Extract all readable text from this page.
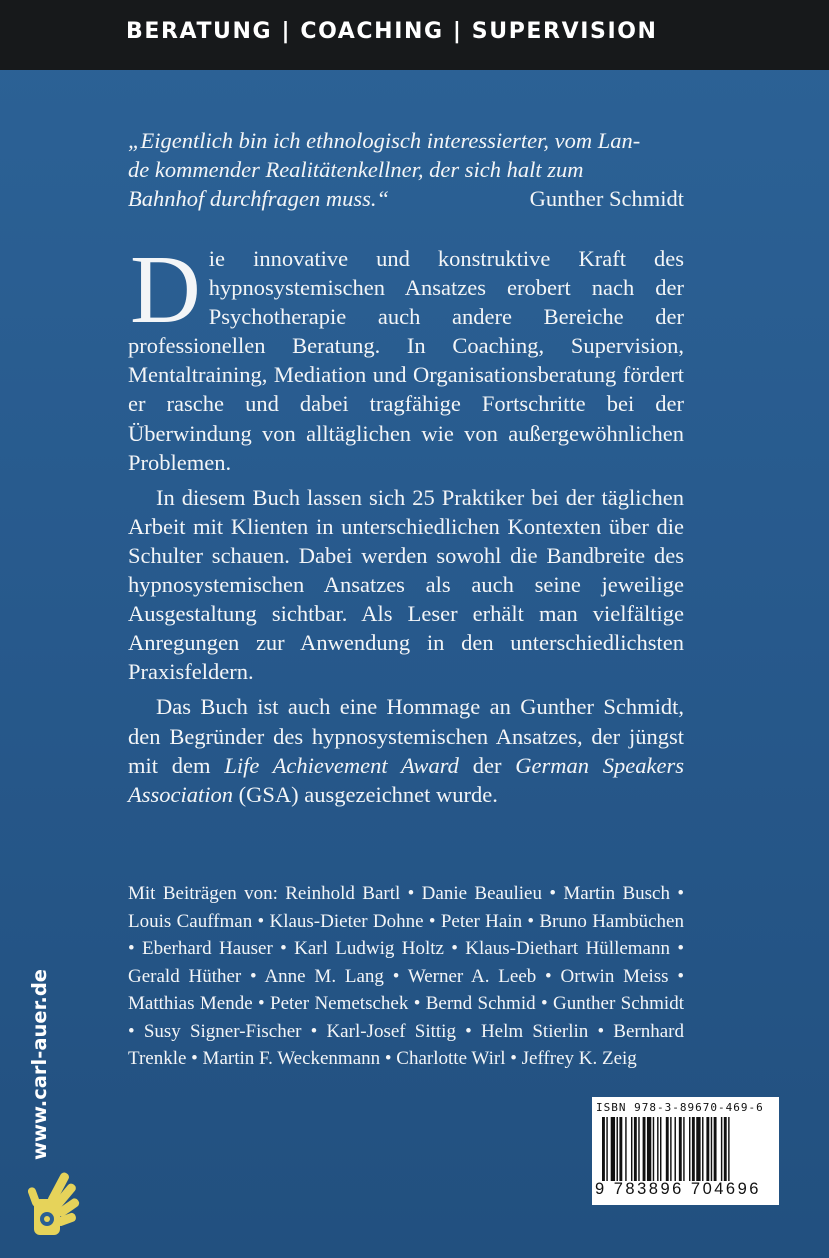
BERATUNG | COACHING | SUPERVISION
„Eigentlich bin ich ethnologisch interessierter, vom Lan-
de kommender Realitätenkellner, der sich halt zum
Bahnhof durchfragen muss.“	Gunther Schmidt

Die innovative und konstruktive Kraft des hypnosystemischen Ansatzes erobert nach der Psychotherapie auch andere Bereiche der professionellen Beratung. In Coaching, Supervision, Mentaltraining, Mediation und Organisationsberatung fördert er rasche und dabei tragfähige Fortschritte bei der Überwindung von alltäglichen wie von außergewöhnlichen Problemen.

In diesem Buch lassen sich 25 Praktiker bei der täglichen Arbeit mit Klienten in unterschiedlichen Kontexten über die Schulter schauen. Dabei werden sowohl die Bandbreite des hypnosystemischen Ansatzes als auch seine jeweilige Ausgestaltung sichtbar. Als Leser erhält man vielfältige Anregungen zur Anwendung in den unterschiedlichsten Praxisfeldern.

Das Buch ist auch eine Hommage an Gunther Schmidt, den Begründer des hypnosystemischen Ansatzes, der jüngst mit dem Life Achievement Award der German Speakers Association (GSA) ausgezeichnet wurde.

Mit Beiträgen von: Reinhold Bartl • Danie Beaulieu • Martin Busch • Louis Cauffman • Klaus-Dieter Dohne • Peter Hain • Bruno Hambüchen • Eberhard Hauser • Karl Ludwig Holtz • Klaus-Diethart Hüllemann • Gerald Hüther • Anne M. Lang • Werner A. Leeb • Ortwin Meiss • Matthias Mende • Peter Nemetschek • Bernd Schmid • Gunther Schmidt • Susy Signer-Fischer • Karl-Josef Sittig • Helm Stierlin • Bernhard Trenkle • Martin F. Weckenmann • Charlotte Wirl • Jeffrey K. Zeig
www.carl-auer.de	ISBN 978-3-89670-469-6
9 783896 704696
